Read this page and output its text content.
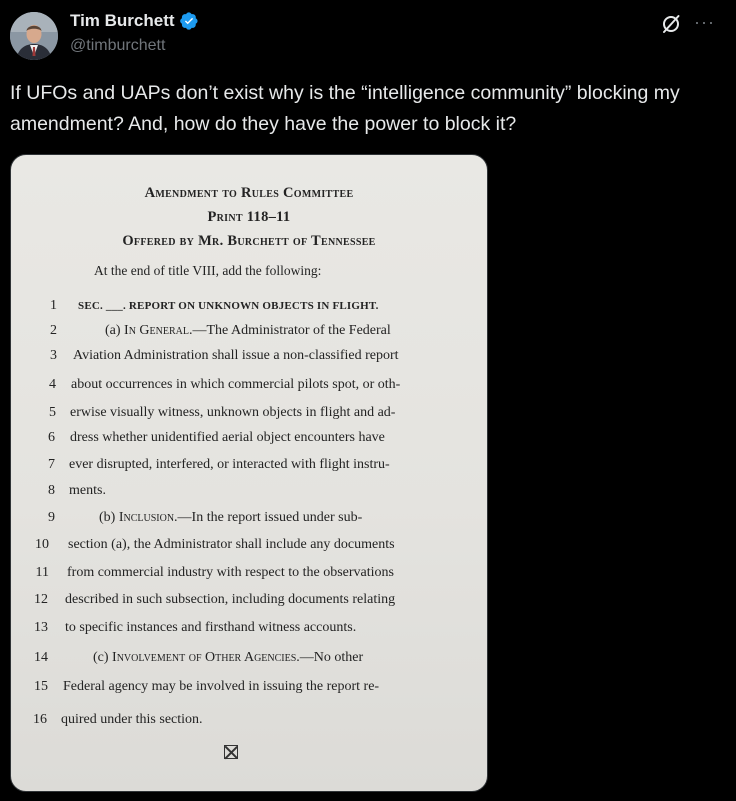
Tim Burchett
@timburchett
···

If UFOs and UAPs don’t exist why is the “intelligence community” blocking my amendment? And, how do they have the power to block it?

Amendment to Rules Committee
Print 118–11
Offered by Mr. Burchett of Tennessee
At the end of title VIII, add the following:
1 SEC. ___. REPORT ON UNKNOWN OBJECTS IN FLIGHT.
2	(a) In General.—The Administrator of the Federal
3 Aviation Administration shall issue a non-classified report
4 about occurrences in which commercial pilots spot, or oth-
5 erwise visually witness, unknown objects in flight and ad-
6 dress whether unidentified aerial object encounters have
7 ever disrupted, interfered, or interacted with flight instru-
8 ments.
9	(b) Inclusion.—In the report issued under sub-
10 section (a), the Administrator shall include any documents
11 from commercial industry with respect to the observations
12 described in such subsection, including documents relating
13 to specific instances and firsthand witness accounts.
14	(c) Involvement of Other Agencies.—No other
15 Federal agency may be involved in issuing the report re-
16 quired under this section.
